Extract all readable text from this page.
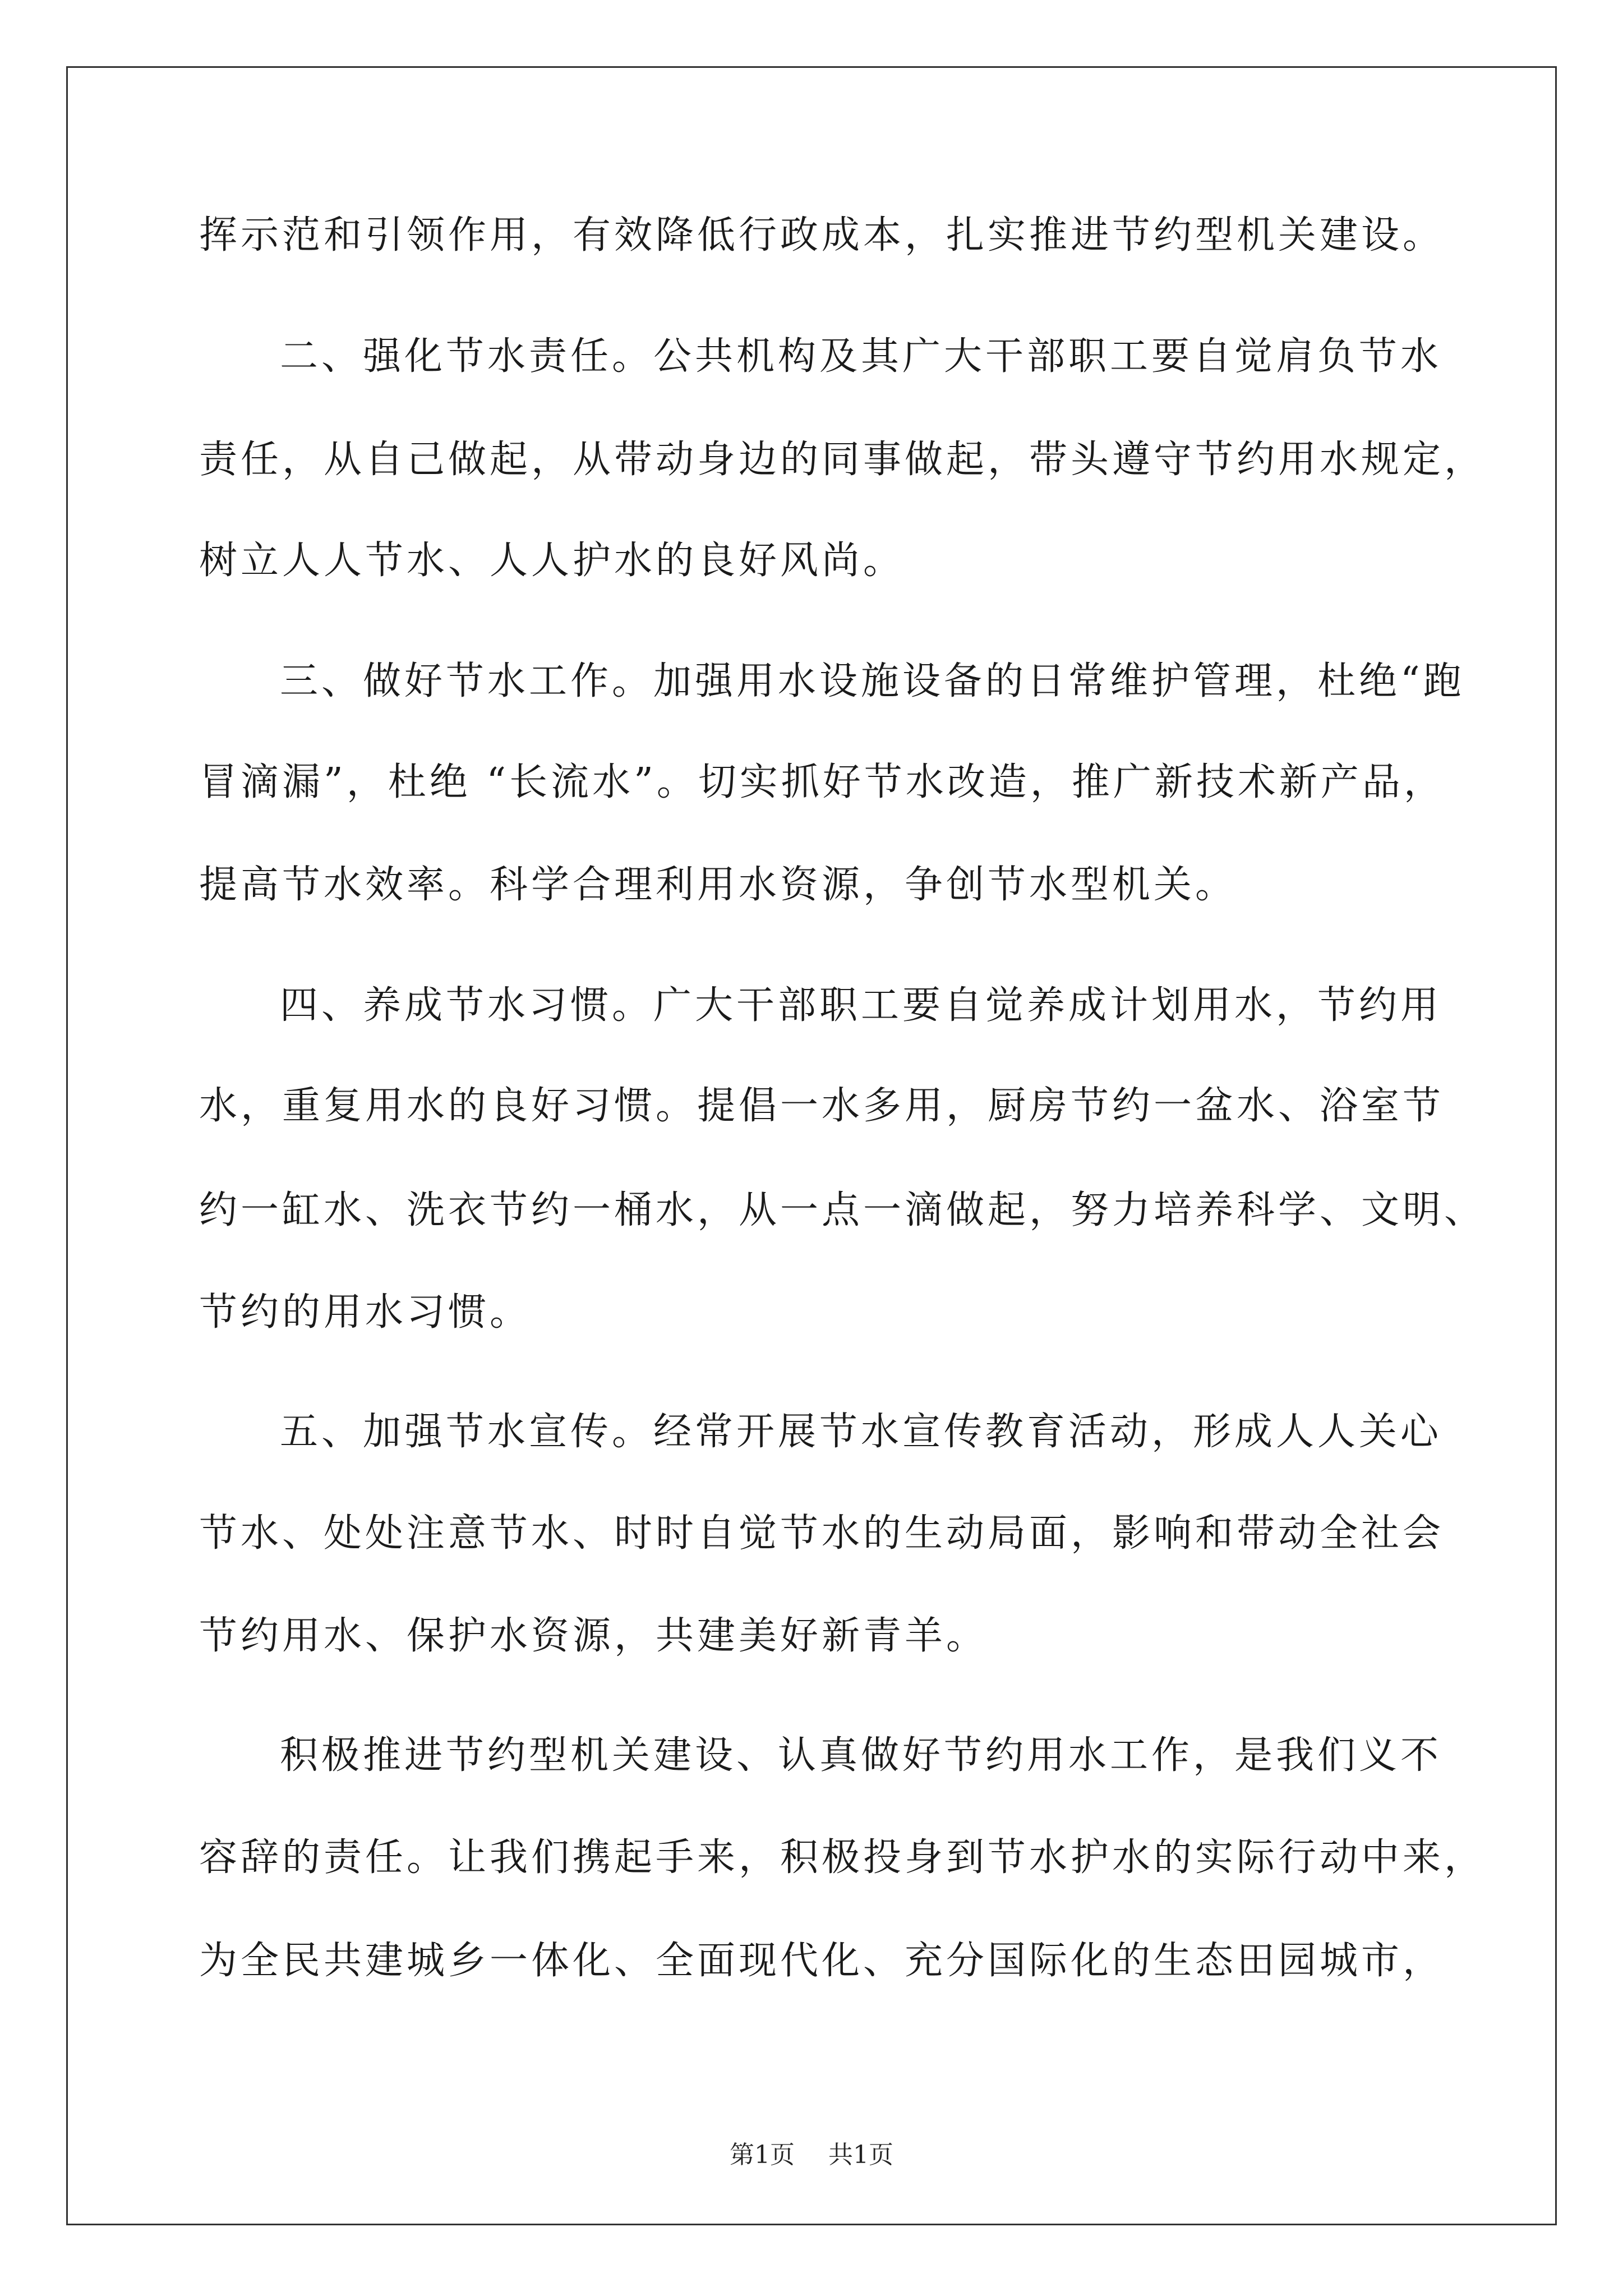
挥示范和引领作用，有效降低行政成本，扎实推进节约型机关建设。
二、强化节水责任。公共机构及其广大干部职工要自觉肩负节水
责任，从自己做起，从带动身边的同事做起，带头遵守节约用水规定，
树立人人节水、人人护水的良好风尚。
三、做好节水工作。加强用水设施设备的日常维护管理，杜绝“跑
冒滴漏”，杜绝 “长流水”。切实抓好节水改造，推广新技术新产品，
提高节水效率。科学合理利用水资源，争创节水型机关。
四、养成节水习惯。广大干部职工要自觉养成计划用水，节约用
水，重复用水的良好习惯。提倡一水多用，厨房节约一盆水、浴室节
约一缸水、洗衣节约一桶水，从一点一滴做起，努力培养科学、文明、
节约的用水习惯。
五、加强节水宣传。经常开展节水宣传教育活动，形成人人关心
节水、处处注意节水、时时自觉节水的生动局面，影响和带动全社会
节约用水、保护水资源，共建美好新青羊。
积极推进节约型机关建设、认真做好节约用水工作，是我们义不
容辞的责任。让我们携起手来，积极投身到节水护水的实际行动中来，
为全民共建城乡一体化、全面现代化、充分国际化的生态田园城市，
第1页 共1页
